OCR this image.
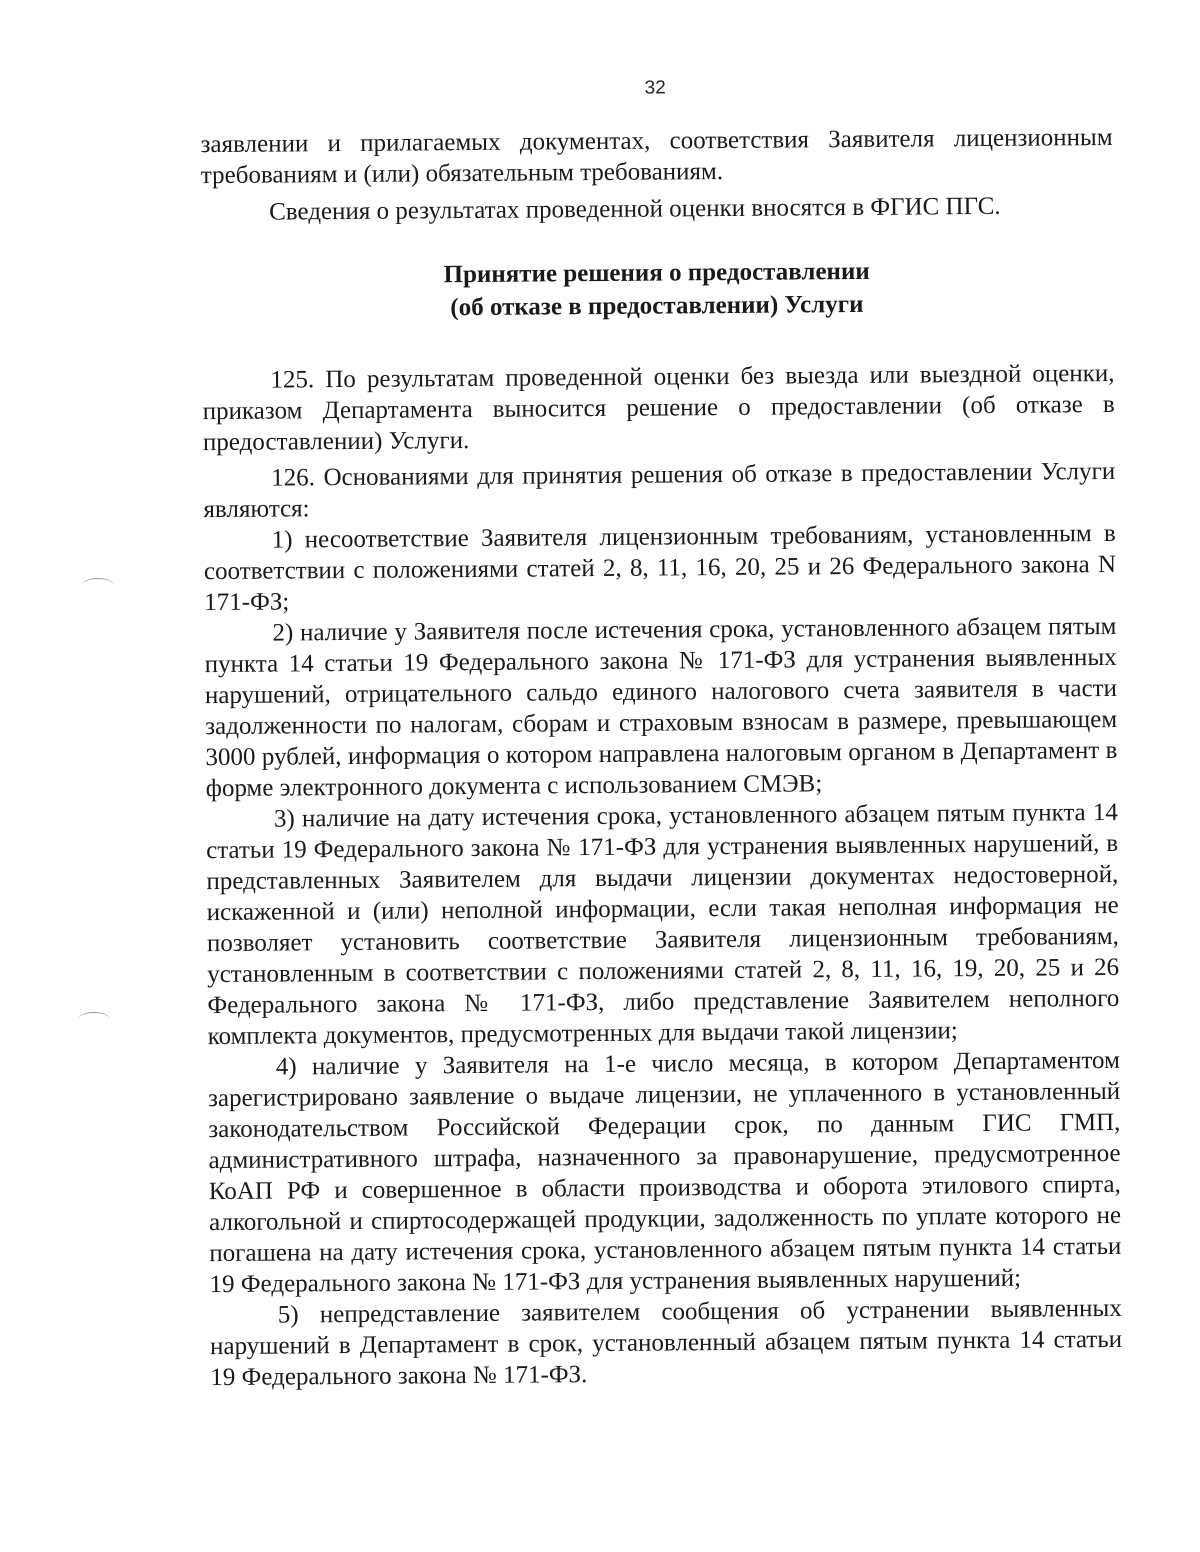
32

заявлении и прилагаемых документах, соответствия Заявителя лицензионным требованиям и (или) обязательным требованиям.

Сведения о результатах проведенной оценки вносятся в ФГИС ПГС.

Принятие решения о предоставлении
(об отказе в предоставлении) Услуги

125. По результатам проведенной оценки без выезда или выездной оценки, приказом Департамента выносится решение о предоставлении (об отказе в предоставлении) Услуги.

126. Основаниями для принятия решения об отказе в предоставлении Услуги являются:

1) несоответствие Заявителя лицензионным требованиям, установленным в соответствии с положениями статей 2, 8, 11, 16, 20, 25 и 26 Федерального закона N 171-ФЗ;

2) наличие у Заявителя после истечения срока, установленного абзацем пятым пункта 14 статьи 19 Федерального закона № 171-ФЗ для устранения выявленных нарушений, отрицательного сальдо единого налогового счета заявителя в части задолженности по налогам, сборам и страховым взносам в размере, превышающем 3000 рублей, информация о котором направлена налоговым органом в Департамент в форме электронного документа с использованием СМЭВ;

3) наличие на дату истечения срока, установленного абзацем пятым пункта 14 статьи 19 Федерального закона № 171-ФЗ для устранения выявленных нарушений, в представленных Заявителем для выдачи лицензии документах недостоверной, искаженной и (или) неполной информации, если такая неполная информация не позволяет установить соответствие Заявителя лицензионным требованиям, установленным в соответствии с положениями статей 2, 8, 11, 16, 19, 20, 25 и 26 Федерального закона № 171-ФЗ, либо представление Заявителем неполного комплекта документов, предусмотренных для выдачи такой лицензии;

4) наличие у Заявителя на 1-е число месяца, в котором Департаментом зарегистрировано заявление о выдаче лицензии, не уплаченного в установленный законодательством Российской Федерации срок, по данным ГИС ГМП, административного штрафа, назначенного за правонарушение, предусмотренное КоАП РФ и совершенное в области производства и оборота этилового спирта, алкогольной и спиртосодержащей продукции, задолженность по уплате которого не погашена на дату истечения срока, установленного абзацем пятым пункта 14 статьи 19 Федерального закона № 171-ФЗ для устранения выявленных нарушений;

5) непредставление заявителем сообщения об устранении выявленных нарушений в Департамент в срок, установленный абзацем пятым пункта 14 статьи 19 Федерального закона № 171-ФЗ.
